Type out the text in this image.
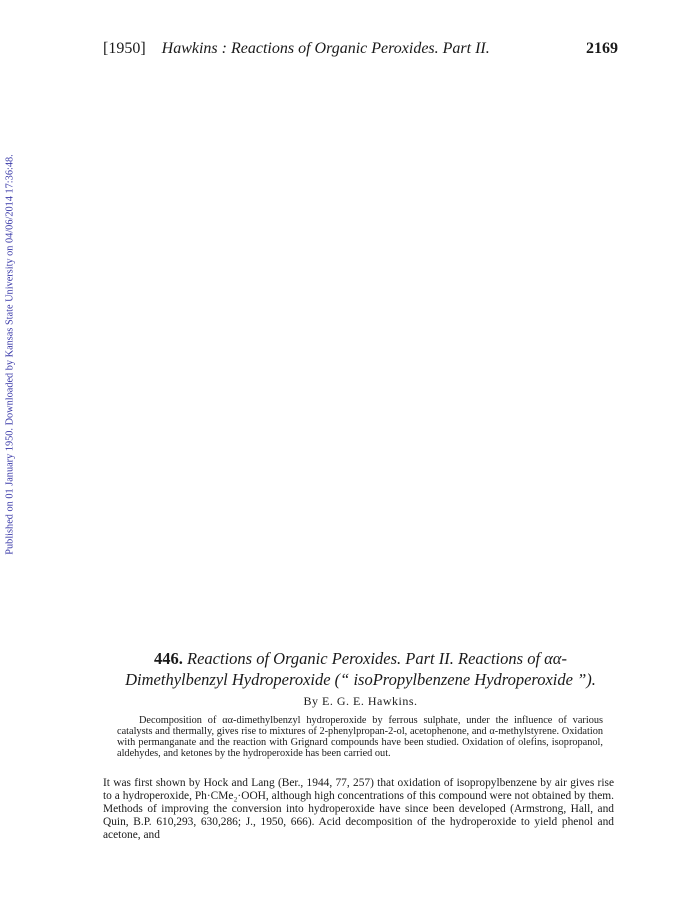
[1950] Hawkins : Reactions of Organic Peroxides. Part II.	2169
Published on 01 January 1950. Downloaded by Kansas State University on 04/06/2014 17:36:48.
446. Reactions of Organic Peroxides. Part II. Reactions of αα-Dimethylbenzyl Hydroperoxide (“ isoPropylbenzene Hydroperoxide ”).
By E. G. E. Hawkins.
Decomposition of αα-dimethylbenzyl hydroperoxide by ferrous sulphate, under the influence of various catalysts and thermally, gives rise to mixtures of 2-phenylpropan-2-ol, acetophenone, and α-methylstyrene. Oxidation with permanganate and the reaction with Grignard compounds have been studied. Oxidation of olefins, isopropanol, aldehydes, and ketones by the hydroperoxide has been carried out.
It was first shown by Hock and Lang (Ber., 1944, 77, 257) that oxidation of isopropylbenzene by air gives rise to a hydroperoxide, Ph·CMe₂·OOH, although high concentrations of this compound were not obtained by them. Methods of improving the conversion into hydroperoxide have since been developed (Armstrong, Hall, and Quin, B.P. 610,293, 630,286; J., 1950, 666). Acid decomposition of the hydroperoxide to yield phenol and acetone, and
